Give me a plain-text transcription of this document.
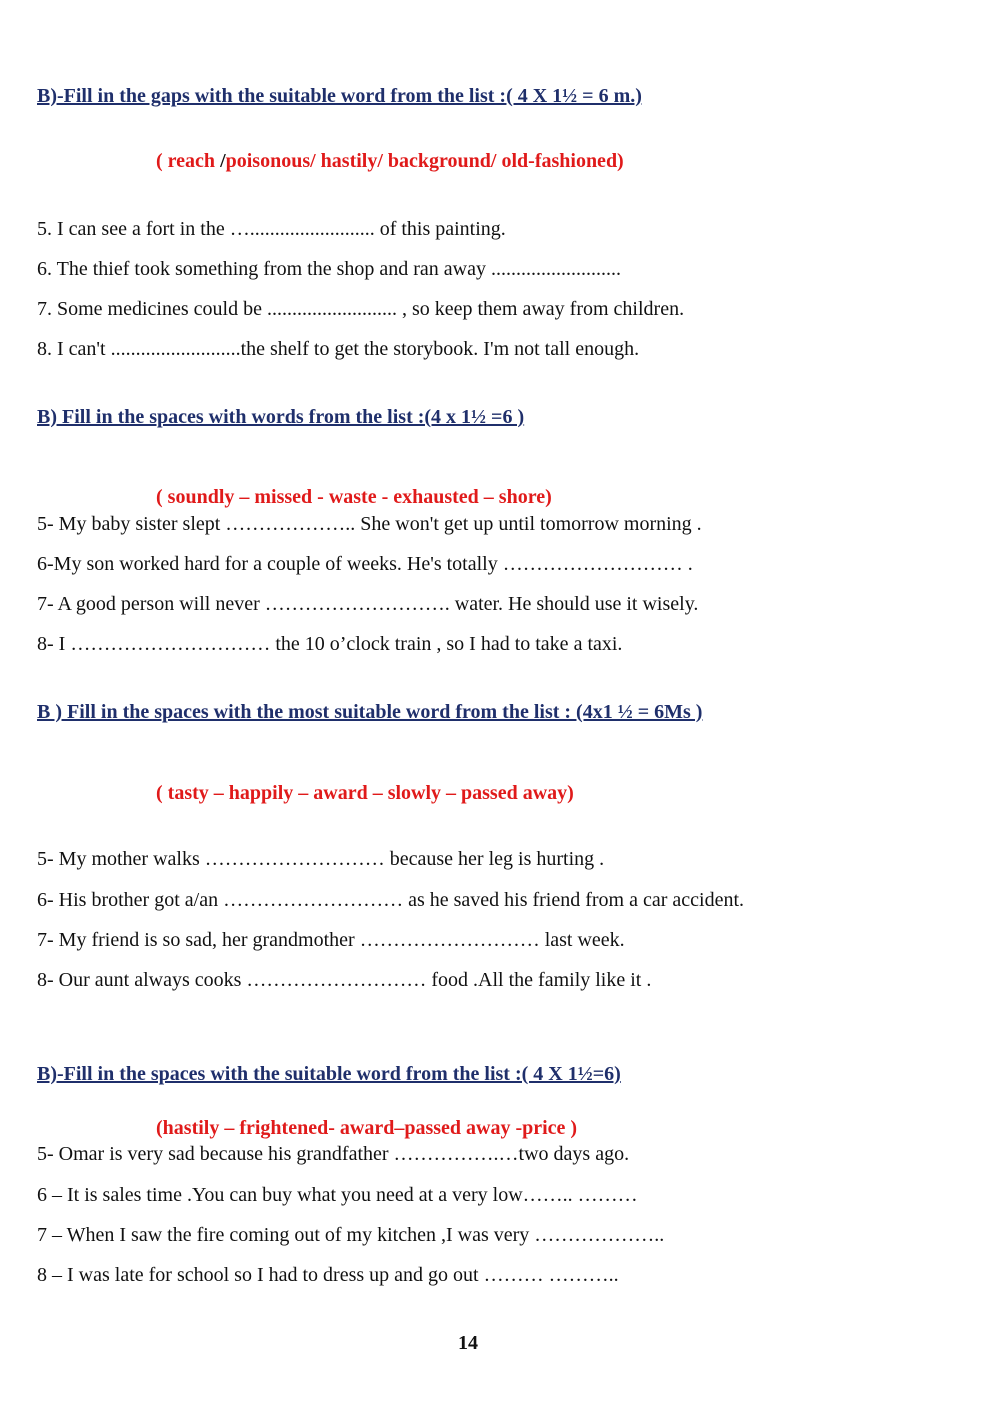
B)-Fill in the gaps with the suitable word from the list :( 4 X 1½ = 6 m.)
( reach /poisonous/ hastily/ background/ old-fashioned)
5. I can see a fort in the …......................... of this painting.
6. The thief took something from the shop and ran away ..........................
7. Some medicines could be .......................... , so keep them away from children.
8. I can't ..........................the shelf to get the storybook. I'm not tall enough.
B) Fill in the spaces with words from the list :(4 x 1½ =6 )
( soundly – missed - waste - exhausted – shore)
5- My baby sister slept ……………….. She won't get up until tomorrow morning .
6-My son worked hard for a couple of weeks. He's totally ……………………… .
7- A good person will never ………………………. water. He should use it wisely.
8- I ………………………… the 10 o’clock train , so I had to take a taxi.
B ) Fill in the spaces with the most suitable word from the list : (4x1 ½ = 6Ms )
( tasty – happily – award – slowly – passed away)
5- My mother walks ……………………… because her leg is hurting .
6- His brother got a/an ……………………… as he saved his friend from a car accident.
7- My friend is so sad, her grandmother ……………………… last week.
8- Our aunt always cooks ……………………… food .All the family like it .
B)-Fill in the spaces with the suitable word from the list :( 4 X 1½=6)
(hastily – frightened- award–passed away -price )
5- Omar is very sad because his grandfather …………….…two days ago.
6 – It is sales time .You can buy what you need at a very low…….. ………
7 – When I saw the fire coming out of my kitchen ,I was very ………………..
8 – I was late for school so I had to dress up and go out ……… ………..
14
